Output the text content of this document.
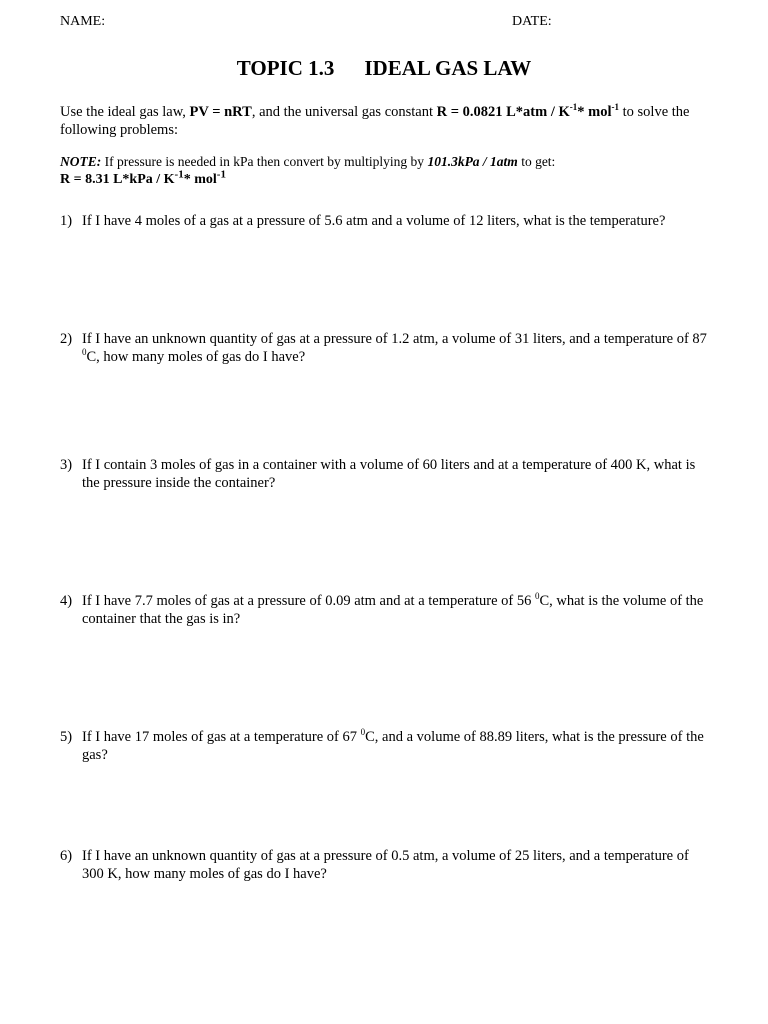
NAME:	DATE:
TOPIC 1.3 IDEAL GAS LAW
Use the ideal gas law, PV = nRT, and the universal gas constant R = 0.0821 $L*atm / K^{-1}*$ mol$^{-1}$ to solve the following problems:
NOTE: If pressure is needed in kPa then convert by multiplying by 101.3kPa / 1atm to get:
R = 8.31 $L*kPa / K^{-1}*$ mol$^{-1}$
1) If I have 4 moles of a gas at a pressure of 5.6 atm and a volume of 12 liters, what is the temperature?
2) If I have an unknown quantity of gas at a pressure of 1.2 atm, a volume of 31 liters, and a temperature of 87 $^0$C, how many moles of gas do I have?
3) If I contain 3 moles of gas in a container with a volume of 60 liters and at a temperature of 400 K, what is the pressure inside the container?
4) If I have 7.7 moles of gas at a pressure of 0.09 atm and at a temperature of 56 $^0$C, what is the volume of the container that the gas is in?
5) If I have 17 moles of gas at a temperature of 67 $^0$C, and a volume of 88.89 liters, what is the pressure of the gas?
6) If I have an unknown quantity of gas at a pressure of 0.5 atm, a volume of 25 liters, and a temperature of 300 K, how many moles of gas do I have?
